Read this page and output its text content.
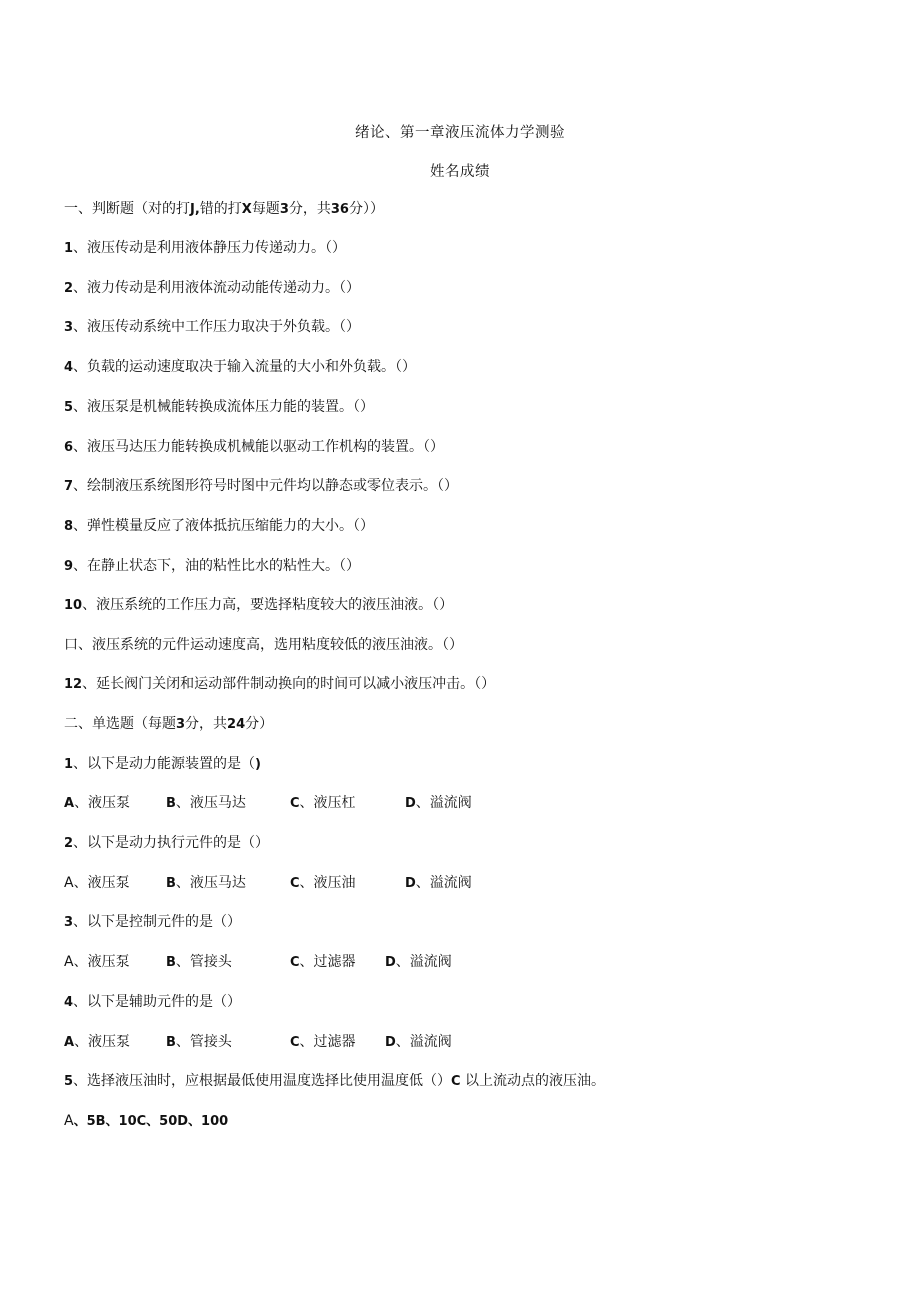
绪论、第一章液压流体力学测验
姓名成绩
一、判断题（对的打J,错的打X每题3分，共36分））
1、液压传动是利用液体静压力传递动力。（）
2、液力传动是利用液体流动动能传递动力。（）
3、液压传动系统中工作压力取决于外负载。（）
4、负载的运动速度取决于输入流量的大小和外负载。（）
5、液压泵是机械能转换成流体压力能的装置。（）
6、液压马达压力能转换成机械能以驱动工作机构的装置。（）
7、绘制液压系统图形符号时图中元件均以静态或零位表示。（）
8、弹性模量反应了液体抵抗压缩能力的大小。（）
9、在静止状态下，油的粘性比水的粘性大。（）
10、液压系统的工作压力高，要选择粘度较大的液压油液。（）
口、液压系统的元件运动速度高，选用粘度较低的液压油液。（）
12、延长阀门关闭和运动部件制动换向的时间可以减小液压冲击。（）
二、单选题（每题3分，共24分）
1、以下是动力能源装置的是（)
A、液压泵	B、液压马达	C、液压杠	D、溢流阀
2、以下是动力执行元件的是（）
A、液压泵	B、液压马达	C、液压油	D、溢流阀
3、以下是控制元件的是（）
A、液压泵	B、管接头	C、过滤器 D、溢流阀
4、以下是辅助元件的是（）
A、液压泵	B、管接头	C、过滤器 D、溢流阀
5、选择液压油时，应根据最低使用温度选择比使用温度低（）C 以上流动点的液压油。
A、5B、10C、50D、100
